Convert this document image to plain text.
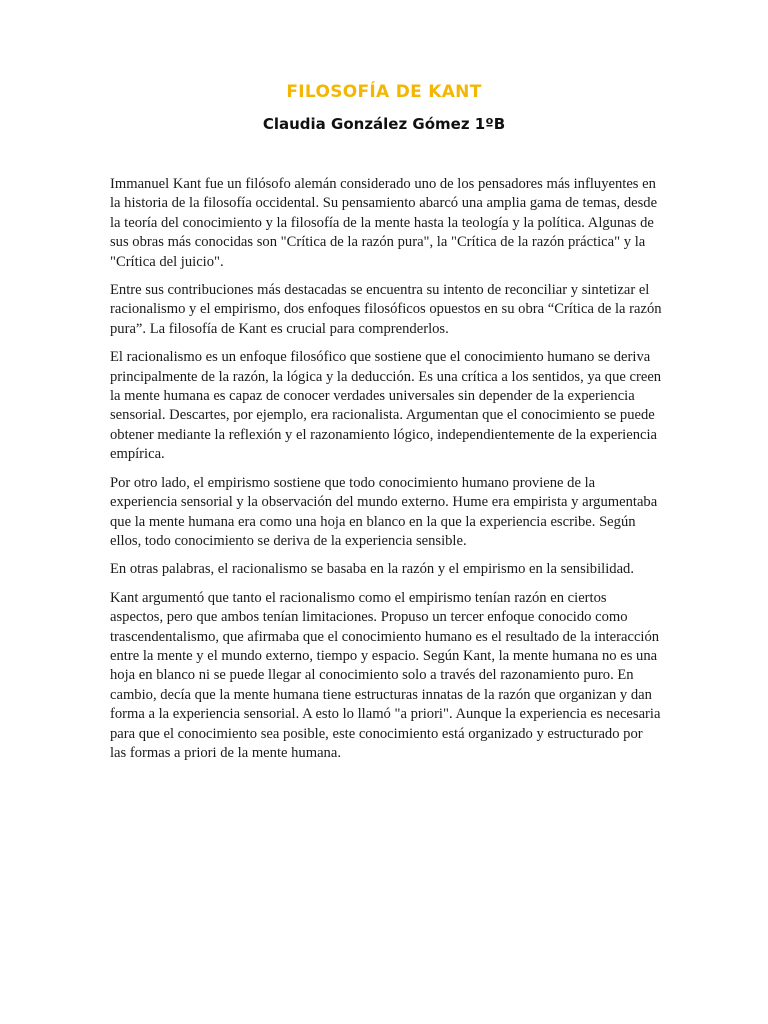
FILOSOFÍA DE KANT
Claudia González Gómez 1ºB

Immanuel Kant fue un filósofo alemán considerado uno de los pensadores más influyentes en la historia de la filosofía occidental. Su pensamiento abarcó una amplia gama de temas, desde la teoría del conocimiento y la filosofía de la mente hasta la teología y la política. Algunas de sus obras más conocidas son "Crítica de la razón pura", la "Crítica de la razón práctica" y la "Crítica del juicio".

Entre sus contribuciones más destacadas se encuentra su intento de reconciliar y sintetizar el racionalismo y el empirismo, dos enfoques filosóficos opuestos en su obra “Crítica de la razón pura”. La filosofía de Kant es crucial para comprenderlos.

El racionalismo es un enfoque filosófico que sostiene que el conocimiento humano se deriva principalmente de la razón, la lógica y la deducción. Es una crítica a los sentidos, ya que creen la mente humana es capaz de conocer verdades universales sin depender de la experiencia sensorial. Descartes, por ejemplo, era racionalista. Argumentan que el conocimiento se puede obtener mediante la reflexión y el razonamiento lógico, independientemente de la experiencia empírica.

Por otro lado, el empirismo sostiene que todo conocimiento humano proviene de la experiencia sensorial y la observación del mundo externo. Hume era empirista y argumentaba que la mente humana era como una hoja en blanco en la que la experiencia escribe. Según ellos, todo conocimiento se deriva de la experiencia sensible.

En otras palabras, el racionalismo se basaba en la razón y el empirismo en la sensibilidad.

Kant argumentó que tanto el racionalismo como el empirismo tenían razón en ciertos aspectos, pero que ambos tenían limitaciones. Propuso un tercer enfoque conocido como trascendentalismo, que afirmaba que el conocimiento humano es el resultado de la interacción entre la mente y el mundo externo, tiempo y espacio. Según Kant, la mente humana no es una hoja en blanco ni se puede llegar al conocimiento solo a través del razonamiento puro. En cambio, decía que la mente humana tiene estructuras innatas de la razón que organizan y dan forma a la experiencia sensorial. A esto lo llamó "a priori". Aunque la experiencia es necesaria para que el conocimiento sea posible, este conocimiento está organizado y estructurado por las formas a priori de la mente humana.
